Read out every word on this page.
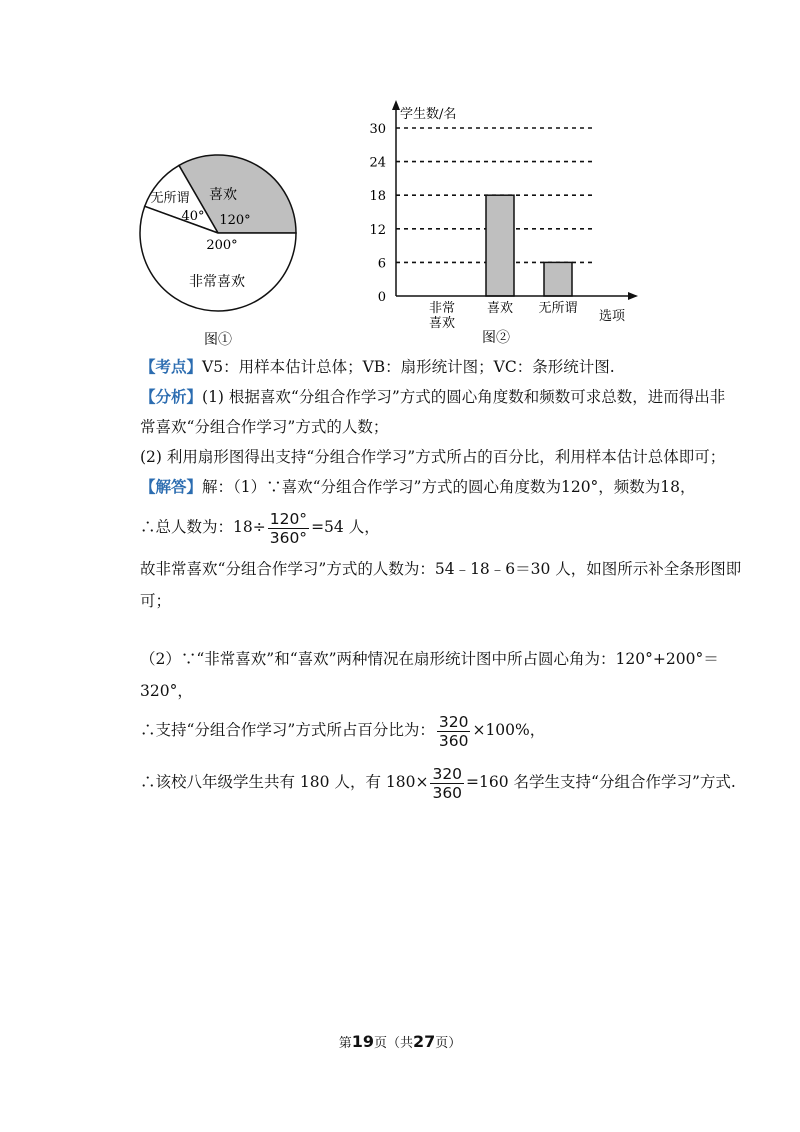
喜欢
120°
无所谓
40°
200°
非常喜欢
图①
0
6
12
18
24
30
非常
喜欢
喜欢 无所谓
学生数/名
选项
图②
【考点】V5：用样本估计总体；VB：扇形统计图；VC：条形统计图.
【分析】(1) 根据喜欢“分组合作学习”方式的圆心角度数和频数可求总数，进而得出非
常喜欢“分组合作学习”方式的人数；
(2) 利用扇形图得出支持“分组合作学习”方式所占的百分比，利用样本估计总体即可；
【解答】解：（1）∵喜欢“分组合作学习”方式的圆心角度数为120°，频数为18，
∴总人数为：$18\div \frac{120^\circ}{360^\circ} =54$ 人，
故非常喜欢“分组合作学习”方式的人数为：54﹣18﹣6＝30 人，如图所示补全条形图即
可；
（2）∵“非常喜欢”和“喜欢”两种情况在扇形统计图中所占圆心角为：120°+200°＝
320°，
∴支持“分组合作学习”方式所占百分比为： $\frac{320}{360} \times 100\%$，
∴该校八年级学生共有 180 人，有 $180\times \frac{320}{360} =160$ 名学生支持“分组合作学习”方式.
第19页（共27页）
